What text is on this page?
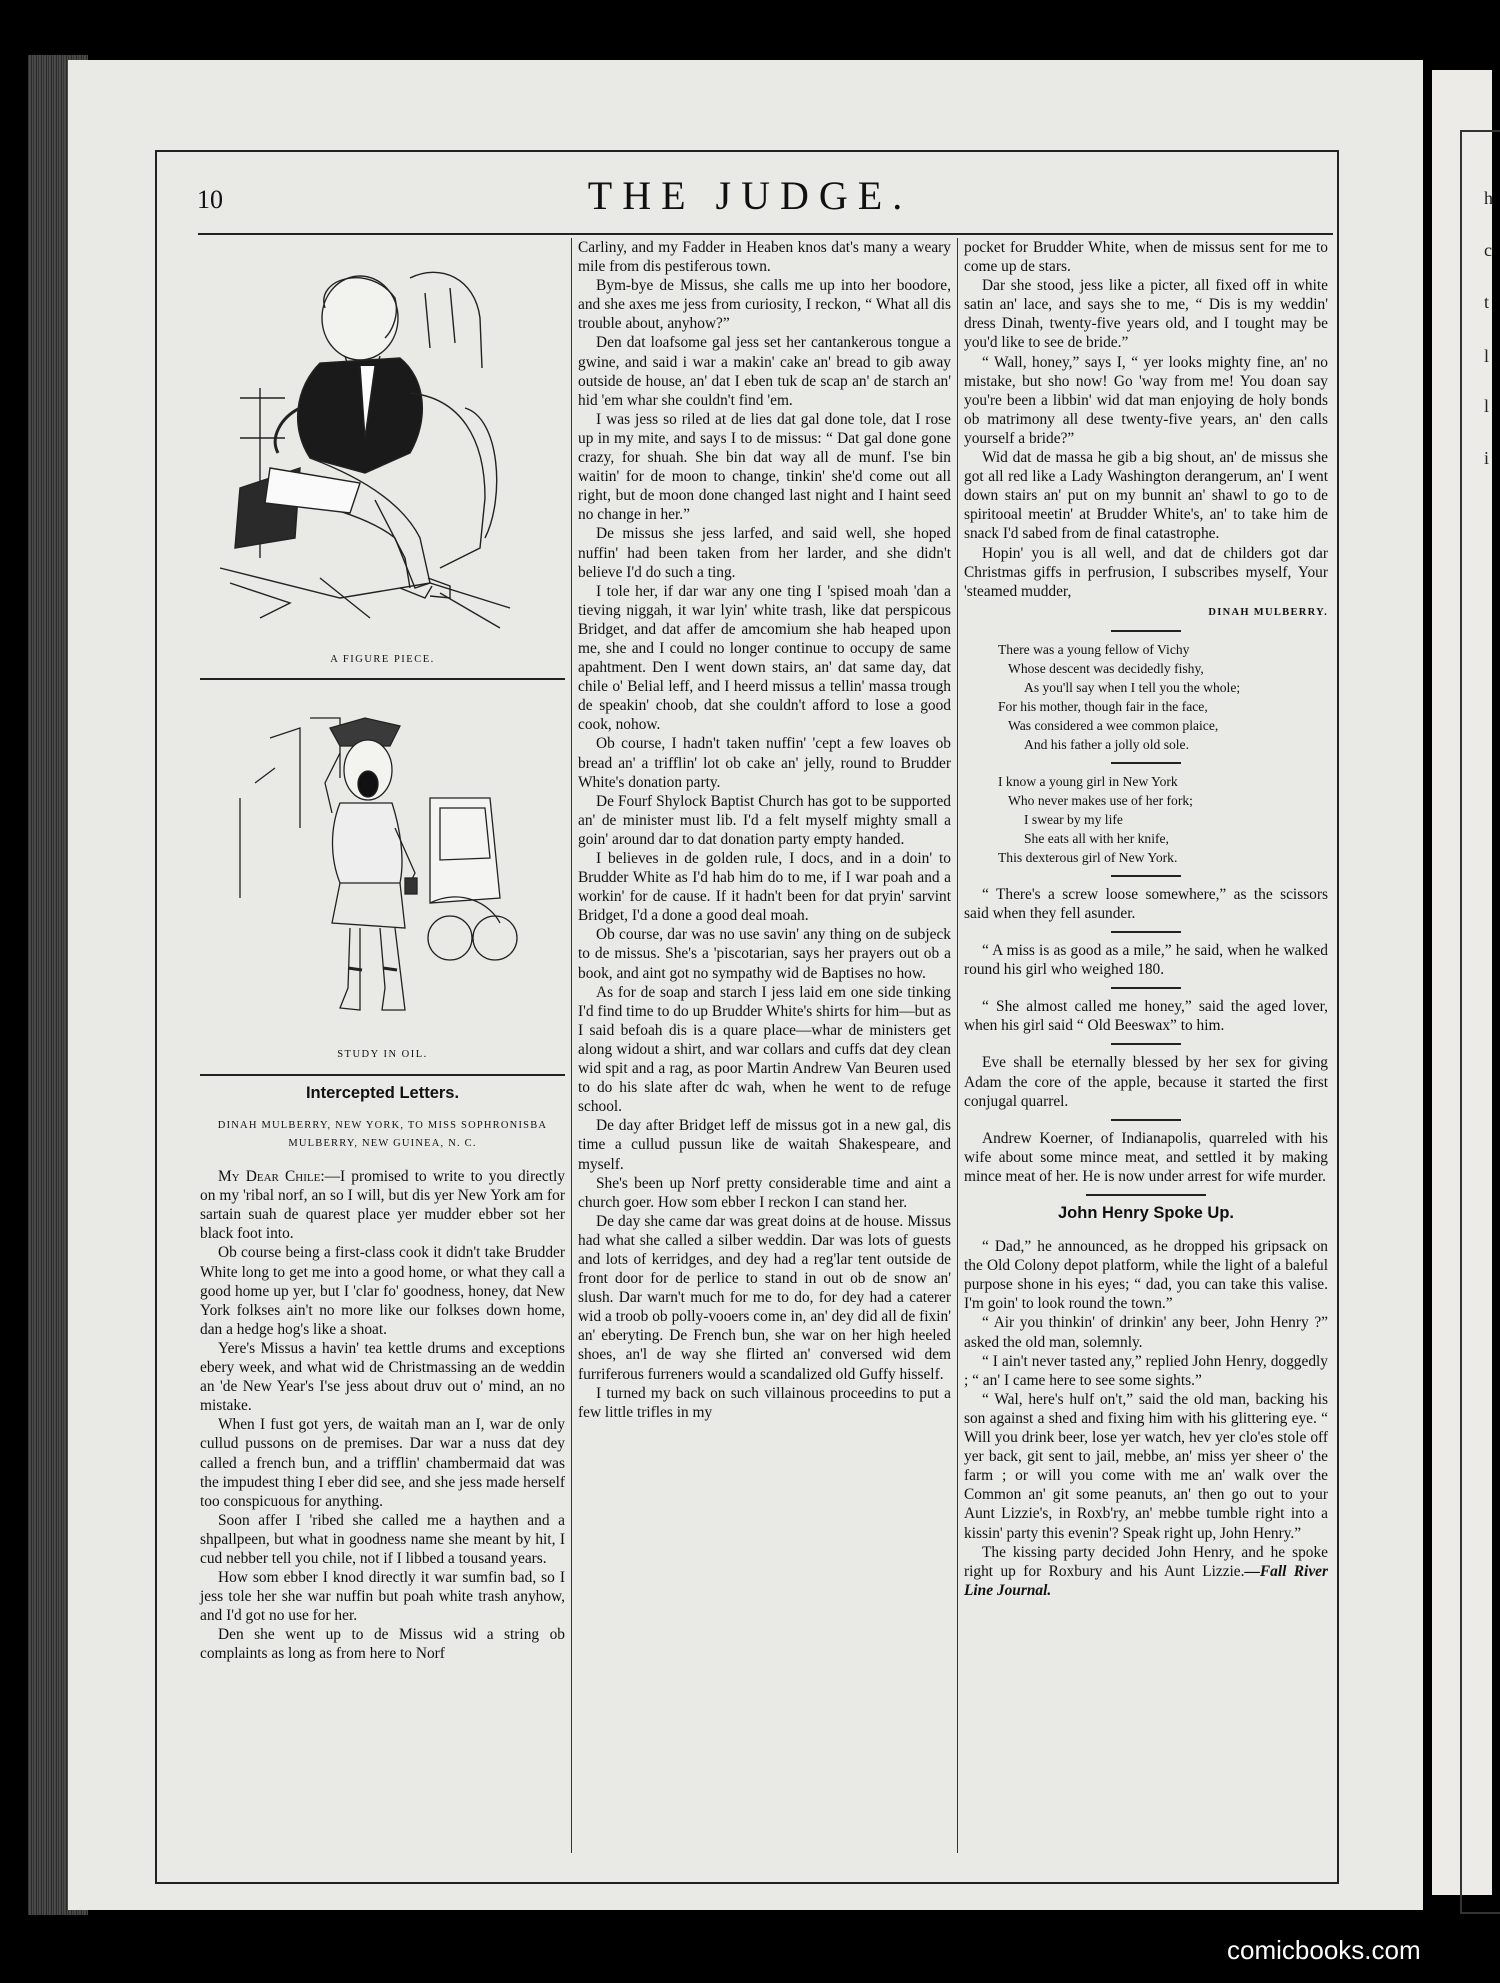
h
c
t
l
l
i
10	THE JUDGE.
A FIGURE PIECE.
STUDY IN OIL.
Intercepted Letters.
DINAH MULBERRY, NEW YORK, TO MISS SOPHRONISBA MULBERRY, NEW GUINEA, N. C.

My Dear Chile:—I promised to write to you directly on my 'ribal norf, an so I will, but dis yer New York am for sartain suah de quarest place yer mudder ebber sot her black foot into.

Ob course being a first-class cook it didn't take Brudder White long to get me into a good home, or what they call a good home up yer, but I 'clar fo' goodness, honey, dat New York folkses ain't no more like our folkses down home, dan a hedge hog's like a shoat.

Yere's Missus a havin' tea kettle drums and exceptions ebery week, and what wid de Christmassing an de weddin an 'de New Year's I'se jess about druv out o' mind, an no mistake.

When I fust got yers, de waitah man an I, war de only cullud pussons on de premises. Dar war a nuss dat dey called a french bun, and a trifflin' chambermaid dat was the impudest thing I eber did see, and she jess made herself too conspicuous for anything.

Soon affer I 'ribed she called me a haythen and a shpallpeen, but what in goodness name she meant by hit, I cud nebber tell you chile, not if I libbed a tousand years.

How som ebber I knod directly it war sumfin bad, so I jess tole her she war nuffin but poah white trash anyhow, and I'd got no use for her.

Den she went up to de Missus wid a string ob complaints as long as from here to Norf

Carliny, and my Fadder in Heaben knos dat's many a weary mile from dis pestiferous town.

Bym-bye de Missus, she calls me up into her boodore, and she axes me jess from curiosity, I reckon, “ What all dis trouble about, anyhow?”

Den dat loafsome gal jess set her cantankerous tongue a gwine, and said i war a makin' cake an' bread to gib away outside de house, an' dat I eben tuk de scap an' de starch an' hid 'em whar she couldn't find 'em.

I was jess so riled at de lies dat gal done tole, dat I rose up in my mite, and says I to de missus: “ Dat gal done gone crazy, for shuah. She bin dat way all de munf. I'se bin waitin' for de moon to change, tinkin' she'd come out all right, but de moon done changed last night and I haint seed no change in her.”

De missus she jess larfed, and said well, she hoped nuffin' had been taken from her larder, and she didn't believe I'd do such a ting.

I tole her, if dar war any one ting I 'spised moah 'dan a tieving niggah, it war lyin' white trash, like dat perspicous Bridget, and dat affer de amcomium she hab heaped upon me, she and I could no longer continue to occupy de same apahtment. Den I went down stairs, an' dat same day, dat chile o' Belial leff, and I heerd missus a tellin' massa trough de speakin' choob, dat she couldn't afford to lose a good cook, nohow.

Ob course, I hadn't taken nuffin' 'cept a few loaves ob bread an' a trifflin' lot ob cake an' jelly, round to Brudder White's donation party.

De Fourf Shylock Baptist Church has got to be supported an' de minister must lib. I'd a felt myself mighty small a goin' around dar to dat donation party empty handed.

I believes in de golden rule, I docs, and in a doin' to Brudder White as I'd hab him do to me, if I war poah and a workin' for de cause. If it hadn't been for dat pryin' sarvint Bridget, I'd a done a good deal moah.

Ob course, dar was no use savin' any thing on de subjeck to de missus. She's a 'piscotarian, says her prayers out ob a book, and aint got no sympathy wid de Baptises no how.

As for de soap and starch I jess laid em one side tinking I'd find time to do up Brudder White's shirts for him—but as I said befoah dis is a quare place—whar de ministers get along widout a shirt, and war collars and cuffs dat dey clean wid spit and a rag, as poor Martin Andrew Van Beuren used to do his slate after dc wah, when he went to de refuge school.

De day after Bridget leff de missus got in a new gal, dis time a cullud pussun like de waitah Shakespeare, and myself.

She's been up Norf pretty considerable time and aint a church goer. How som ebber I reckon I can stand her.

De day she came dar was great doins at de house. Missus had what she called a silber weddin. Dar was lots of guests and lots of kerridges, and dey had a reg'lar tent outside de front door for de perlice to stand in out ob de snow an' slush. Dar warn't much for me to do, for dey had a caterer wid a troob ob polly-vooers come in, an' dey did all de fixin' an' eberyting. De French bun, she war on her high heeled shoes, an'l de way she flirted an' conversed wid dem furriferous furreners would a scandalized old Guffy hisself.

I turned my back on such villainous proceedins to put a few little trifles in my

pocket for Brudder White, when de missus sent for me to come up de stars.

Dar she stood, jess like a picter, all fixed off in white satin an' lace, and says she to me, “ Dis is my weddin' dress Dinah, twenty-five years old, and I tought may be you'd like to see de bride.”

“ Wall, honey,” says I, “ yer looks mighty fine, an' no mistake, but sho now! Go 'way from me! You doan say you're been a libbin' wid dat man enjoying de holy bonds ob matrimony all dese twenty-five years, an' den calls yourself a bride?”

Wid dat de massa he gib a big shout, an' de missus she got all red like a Lady Washington derangerum, an' I went down stairs an' put on my bunnit an' shawl to go to de spiritooal meetin' at Brudder White's, an' to take him de snack I'd sabed from de final catastrophe.

Hopin' you is all well, and dat de childers got dar Christmas giffs in perfrusion, I subscribes myself, Your 'steamed mudder,

DINAH MULBERRY.
There was a young fellow of Vichy
Whose descent was decidedly fishy,
As you'll say when I tell you the whole;
For his mother, though fair in the face,
Was considered a wee common plaice,
And his father a jolly old sole.
I know a young girl in New York
Who never makes use of her fork;
I swear by my life
She eats all with her knife,
This dexterous girl of New York.

“ There's a screw loose somewhere,” as the scissors said when they fell asunder.

“ A miss is as good as a mile,” he said, when he walked round his girl who weighed 180.

“ She almost called me honey,” said the aged lover, when his girl said “ Old Beeswax” to him.

Eve shall be eternally blessed by her sex for giving Adam the core of the apple, because it started the first conjugal quarrel.

Andrew Koerner, of Indianapolis, quarreled with his wife about some mince meat, and settled it by making mince meat of her. He is now under arrest for wife murder.

John Henry Spoke Up.

“ Dad,” he announced, as he dropped his gripsack on the Old Colony depot platform, while the light of a baleful purpose shone in his eyes; “ dad, you can take this valise. I'm goin' to look round the town.”

“ Air you thinkin' of drinkin' any beer, John Henry ?” asked the old man, solemnly.

“ I ain't never tasted any,” replied John Henry, doggedly ; “ an' I came here to see some sights.”

“ Wal, here's hulf on't,” said the old man, backing his son against a shed and fixing him with his glittering eye. “ Will you drink beer, lose yer watch, hev yer clo'es stole off yer back, git sent to jail, mebbe, an' miss yer sheer o' the farm ; or will you come with me an' walk over the Common an' git some peanuts, an' then go out to your Aunt Lizzie's, in Roxb'ry, an' mebbe tumble right into a kissin' party this evenin'? Speak right up, John Henry.”

The kissing party decided John Henry, and he spoke right up for Roxbury and his Aunt Lizzie.—Fall River Line Journal.

comicbooks.com
